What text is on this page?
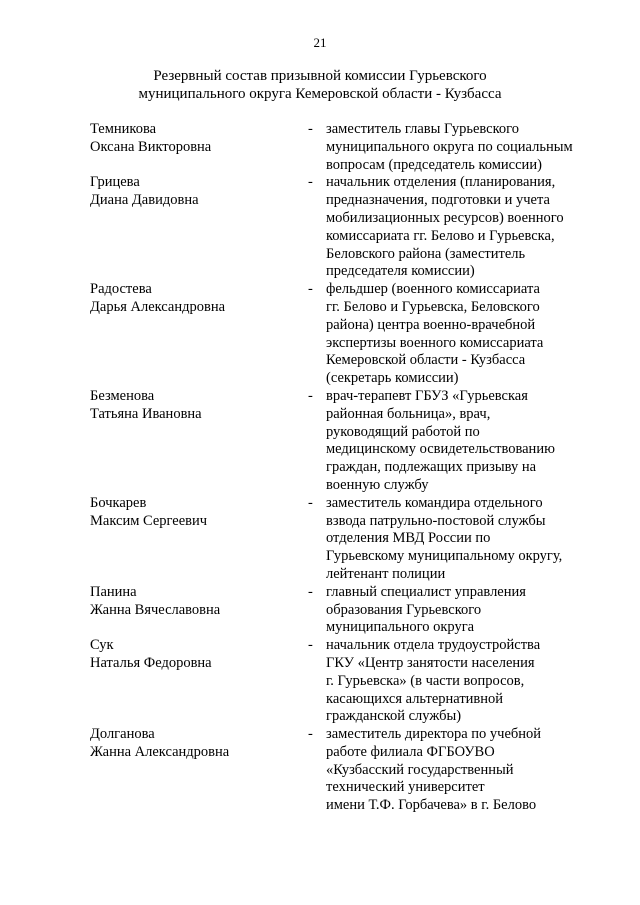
21
Резервный состав призывной комиссии Гурьевского
муниципального округа Кемеровской области - Кузбасса
Темникова
Оксана Викторовна
- заместитель главы Гурьевского
муниципального округа по социальным
вопросам (председатель комиссии)
Грицева
Диана Давидовна
- начальник отделения (планирования,
предназначения, подготовки и учета
мобилизационных ресурсов) военного
комиссариата гг. Белово и Гурьевска,
Беловского района (заместитель
председателя комиссии)
Радостева
Дарья Александровна
- фельдшер (военного комиссариата
гг. Белово и Гурьевска, Беловского
района) центра военно-врачебной
экспертизы военного комиссариата
Кемеровской области - Кузбасса
(секретарь комиссии)
Безменова
Татьяна Ивановна
- врач-терапевт ГБУЗ «Гурьевская
районная больница», врач,
руководящий работой по
медицинскому освидетельствованию
граждан, подлежащих призыву на
военную службу
Бочкарев
Максим Сергеевич
- заместитель командира отдельного
взвода патрульно-постовой службы
отделения МВД России по
Гурьевскому муниципальному округу,
лейтенант полиции
Панина
Жанна Вячеславовна
- главный специалист управления
образования Гурьевского
муниципального округа
Сук
Наталья Федоровна
- начальник отдела трудоустройства
ГКУ «Центр занятости населения
г. Гурьевска» (в части вопросов,
касающихся альтернативной
гражданской службы)
Долганова
Жанна Александровна
- заместитель директора по учебной
работе филиала ФГБОУВО
«Кузбасский государственный
технический университет
имени Т.Ф. Горбачева» в г. Белово
